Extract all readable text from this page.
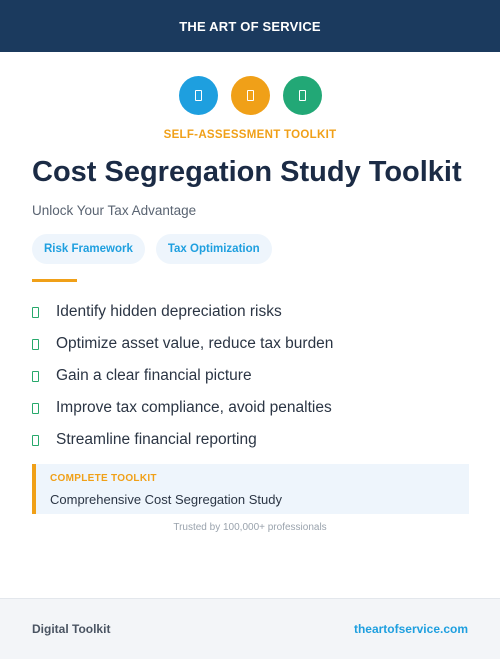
THE ART OF SERVICE
SELF-ASSESSMENT TOOLKIT
Cost Segregation Study Toolkit
Unlock Your Tax Advantage
Risk Framework	Tax Optimization
Identify hidden depreciation risks
Optimize asset value, reduce tax burden
Gain a clear financial picture
Improve tax compliance, avoid penalties
Streamline financial reporting
COMPLETE TOOLKIT
Comprehensive Cost Segregation Study
Trusted by 100,000+ professionals
Digital Toolkit	theartofservice.com
